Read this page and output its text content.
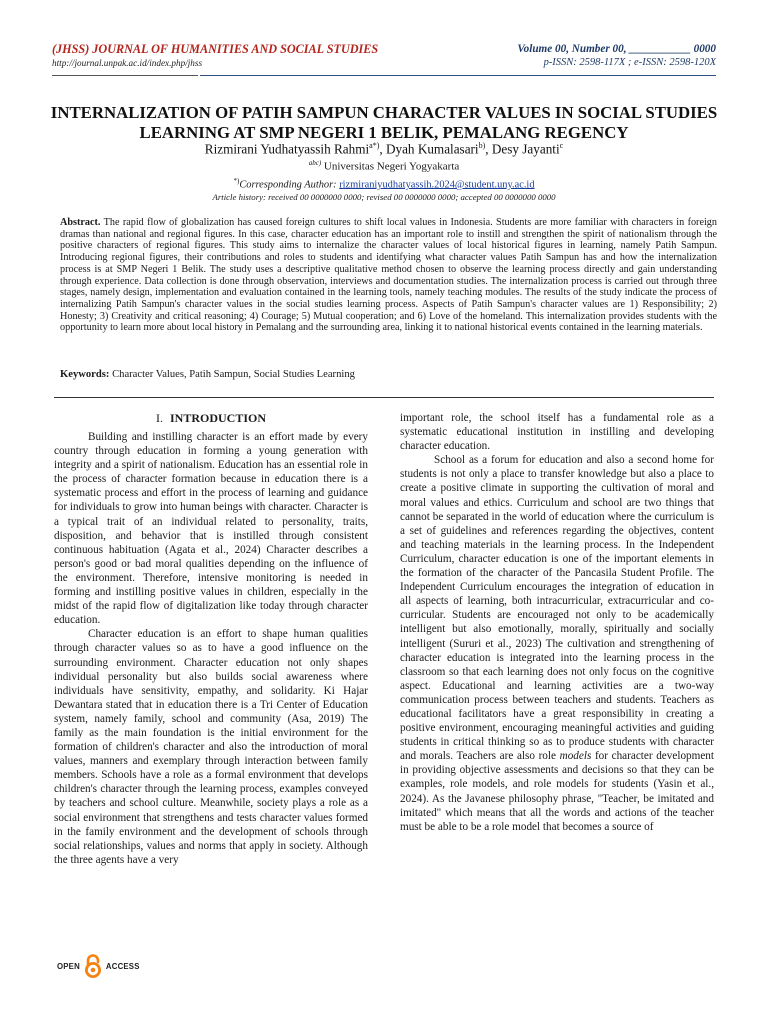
(JHSS) JOURNAL OF HUMANITIES AND SOCIAL STUDIES
http://journal.unpak.ac.id/index.php/jhss
Volume 00, Number 00, ___________ 0000
p-ISSN: 2598-117X ; e-ISSN: 2598-120X
INTERNALIZATION OF PATIH SAMPUN CHARACTER VALUES IN SOCIAL STUDIES LEARNING AT SMP NEGERI 1 BELIK, PEMALANG REGENCY
Rizmirani Yudhatyassih Rahmi$^{a*)}$, Dyah Kumalasari$^{b)}$, Desy Jayanti$^c$
$^{abc)}$ Universitas Negeri Yogyakarta
*)Corresponding Author: rizmiraniyudhatyassih.2024@student.uny.ac.id
Article history: received 00 0000000 0000; revised 00 0000000 0000; accepted 00 0000000 0000
Abstract. The rapid flow of globalization has caused foreign cultures to shift local values in Indonesia. Students are more familiar with characters in foreign dramas than national and regional figures. In this case, character education has an important role to instill and strengthen the spirit of nationalism through the positive characters of regional figures. This study aims to internalize the character values of local historical figures in learning, namely Patih Sampun. Introducing regional figures, their contributions and roles to students and identifying what character values Patih Sampun has and how the internalization process is at SMP Negeri 1 Belik. The study uses a descriptive qualitative method chosen to observe the learning process directly and gain understanding through experience. Data collection is done through observation, interviews and documentation studies. The internalization process is carried out through three stages, namely design, implementation and evaluation contained in the learning tools, namely teaching modules. The results of the study indicate the process of internalizing Patih Sampun's character values in the social studies learning process. Aspects of Patih Sampun's character values are 1) Responsibility; 2) Honesty; 3) Creativity and critical reasoning; 4) Courage; 5) Mutual cooperation; and 6) Love of the homeland. This internalization provides students with the opportunity to learn more about local history in Pemalang and the surrounding area, linking it to national historical events contained in the learning materials.
Keywords: Character Values, Patih Sampun, Social Studies Learning
I. INTRODUCTION

Building and instilling character is an effort made by every country through education in forming a young generation with integrity and a spirit of nationalism. Education has an essential role in the process of character formation because in education there is a systematic process and effort in the process of learning and guidance for individuals to grow into human beings with character. Character is a typical trait of an individual related to personality, traits, disposition, and behavior that is instilled through consistent continuous habituation (Agata et al., 2024) Character describes a person's good or bad moral qualities depending on the influence of the environment. Therefore, intensive monitoring is needed in forming and instilling positive values in children, especially in the midst of the rapid flow of digitalization like today through character education.

Character education is an effort to shape human qualities through character values so as to have a good influence on the surrounding environment. Character education not only shapes individual personality but also builds social awareness where individuals have sensitivity, empathy, and solidarity. Ki Hajar Dewantara stated that in education there is a Tri Center of Education system, namely family, school and community (Asa, 2019) The family as the main foundation is the initial environment for the formation of children's character and also the introduction of moral values, manners and exemplary through interaction between family members. Schools have a role as a formal environment that develops children's character through the learning process, examples conveyed by teachers and school culture. Meanwhile, society plays a role as a social environment that strengthens and tests character values formed in the family environment and the development of schools through social relationships, values and norms that apply in society. Although the three agents have a very

important role, the school itself has a fundamental role as a systematic educational institution in instilling and developing character education.

School as a forum for education and also a second home for students is not only a place to transfer knowledge but also a place to create a positive climate in supporting the cultivation of moral and moral values and ethics. Curriculum and school are two things that cannot be separated in the world of education where the curriculum is a set of guidelines and references regarding the objectives, content and teaching materials in the learning process. In the Independent Curriculum, character education is one of the important elements in the formation of the character of the Pancasila Student Profile. The Independent Curriculum encourages the integration of education in all aspects of learning, both intracurricular, extracurricular and co-curricular. Students are encouraged not only to be academically intelligent but also emotionally, morally, spiritually and socially intelligent (Sururi et al., 2023) The cultivation and strengthening of character education is integrated into the learning process in the classroom so that each learning does not only focus on the cognitive aspect. Educational and learning activities are a two-way communication process between teachers and students. Teachers as educational facilitators have a great responsibility in creating a positive environment, encouraging meaningful activities and guiding students in critical thinking so as to produce students with character and morals. Teachers are also role models for character development in providing objective assessments and decisions so that they can be examples, role models, and role models for students (Yasin et al., 2024). As the Javanese philosophy phrase, "Teacher, be imitated and imitated" which means that all the words and actions of the teacher must be able to be a role model that becomes a source of

OPEN	ACCESS
